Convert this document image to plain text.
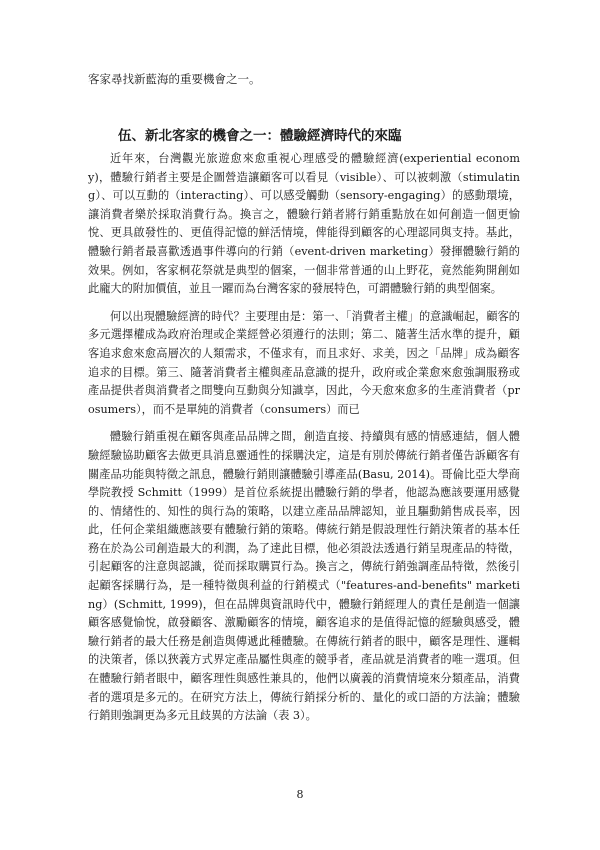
客家尋找新藍海的重要機會之一。

伍、新北客家的機會之一：體驗經濟時代的來臨

近年來，台灣觀光旅遊愈來愈重視心理感受的體驗經濟(experiential economy)，體驗行銷者主要是企圖營造讓顧客可以看見（visible）、可以被刺激（stimulating）、可以互動的（interacting）、可以感受觸動（sensory-engaging）的感動環境，讓消費者樂於採取消費行為。換言之，體驗行銷者將行銷重點放在如何創造一個更愉悅、更具啟發性的、更值得記憶的鮮活情境，俾能得到顧客的心理認同與支持。基此，體驗行銷者最喜歡透過事件導向的行銷（event-driven marketing）發揮體驗行銷的效果。例如，客家桐花祭就是典型的個案，一個非常普通的山上野花，竟然能夠開創如此龐大的附加價值，並且一躍而為台灣客家的發展特色，可謂體驗行銷的典型個案。

何以出現體驗經濟的時代？主要理由是：第一、「消費者主權」的意識崛起，顧客的多元選擇權成為政府治理或企業經營必須遵行的法則；第二、隨著生活水準的提升，顧客追求愈來愈高層次的人類需求，不僅求有，而且求好、求美，因之「品牌」成為顧客追求的目標。第三、隨著消費者主權與產品意識的提升，政府或企業愈來愈強調服務或產品提供者與消費者之間雙向互動與分知識享，因此，今天愈來愈多的生產消費者（prosumers），而不是單純的消費者（consumers）而已

體驗行銷重視在顧客與產品品牌之間，創造直接、持續與有感的情感連結，個人體驗經驗協助顧客去做更具消息靈通性的採購決定，這是有別於傳統行銷者僅告訴顧客有關產品功能與特徵之訊息，體驗行銷則讓體驗引導產品(Basu, 2014)。哥倫比亞大學商學院教授 Schmitt（1999）是首位系統提出體驗行銷的學者，他認為應該要運用感覺的、情緒性的、知性的與行為的策略，以建立產品品牌認知，並且驅動銷售成長率，因此，任何企業組織應該要有體驗行銷的策略。傳統行銷是假設理性行銷決策者的基本任務在於為公司創造最大的利潤，為了達此目標，他必須設法透過行銷呈現產品的特徵，引起顧客的注意與認識，從而採取購買行為。換言之，傳統行銷強調產品特徵，然後引起顧客採購行為，是一種特徵與利益的行銷模式（"features-and-benefits" marketing）(Schmitt, 1999)，但在品牌與資訊時代中，體驗行銷經理人的責任是創造一個讓顧客感覺愉悅，啟發顧客、激勵顧客的情境，顧客追求的是值得記憶的經驗與感受，體驗行銷者的最大任務是創造與傳遞此種體驗。在傳統行銷者的眼中，顧客是理性、邏輯的決策者，係以狹義方式界定產品屬性與產的競爭者，產品就是消費者的唯一選項。但在體驗行銷者眼中，顧客理性與感性兼具的，他們以廣義的消費情境來分類產品，消費者的選項是多元的。在研究方法上，傳統行銷採分析的、量化的或口語的方法論；體驗行銷則強調更為多元且歧異的方法論（表 3）。

8
